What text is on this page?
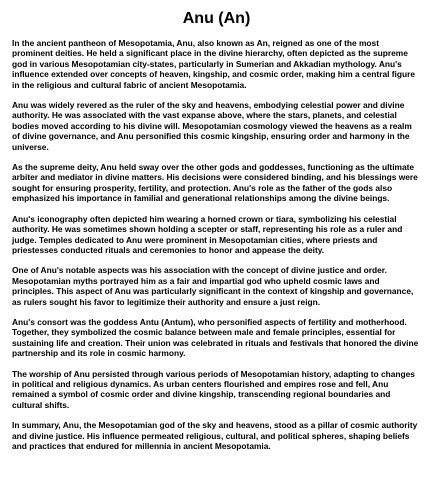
Anu (An)

In the ancient pantheon of Mesopotamia, Anu, also known as An, reigned as one of the most prominent deities. He held a significant place in the divine hierarchy, often depicted as the supreme god in various Mesopotamian city-states, particularly in Sumerian and Akkadian mythology. Anu's influence extended over concepts of heaven, kingship, and cosmic order, making him a central figure in the religious and cultural fabric of ancient Mesopotamia.

Anu was widely revered as the ruler of the sky and heavens, embodying celestial power and divine authority. He was associated with the vast expanse above, where the stars, planets, and celestial bodies moved according to his divine will. Mesopotamian cosmology viewed the heavens as a realm of divine governance, and Anu personified this cosmic kingship, ensuring order and harmony in the universe.

As the supreme deity, Anu held sway over the other gods and goddesses, functioning as the ultimate arbiter and mediator in divine matters. His decisions were considered binding, and his blessings were sought for ensuring prosperity, fertility, and protection. Anu's role as the father of the gods also emphasized his importance in familial and generational relationships among the divine beings.

Anu's iconography often depicted him wearing a horned crown or tiara, symbolizing his celestial authority. He was sometimes shown holding a scepter or staff, representing his role as a ruler and judge. Temples dedicated to Anu were prominent in Mesopotamian cities, where priests and priestesses conducted rituals and ceremonies to honor and appease the deity.

One of Anu's notable aspects was his association with the concept of divine justice and order. Mesopotamian myths portrayed him as a fair and impartial god who upheld cosmic laws and principles. This aspect of Anu was particularly significant in the context of kingship and governance, as rulers sought his favor to legitimize their authority and ensure a just reign.

Anu's consort was the goddess Antu (Antum), who personified aspects of fertility and motherhood. Together, they symbolized the cosmic balance between male and female principles, essential for sustaining life and creation. Their union was celebrated in rituals and festivals that honored the divine partnership and its role in cosmic harmony.

The worship of Anu persisted through various periods of Mesopotamian history, adapting to changes in political and religious dynamics. As urban centers flourished and empires rose and fell, Anu remained a symbol of cosmic order and divine kingship, transcending regional boundaries and cultural shifts.

In summary, Anu, the Mesopotamian god of the sky and heavens, stood as a pillar of cosmic authority and divine justice. His influence permeated religious, cultural, and political spheres, shaping beliefs and practices that endured for millennia in ancient Mesopotamia.
